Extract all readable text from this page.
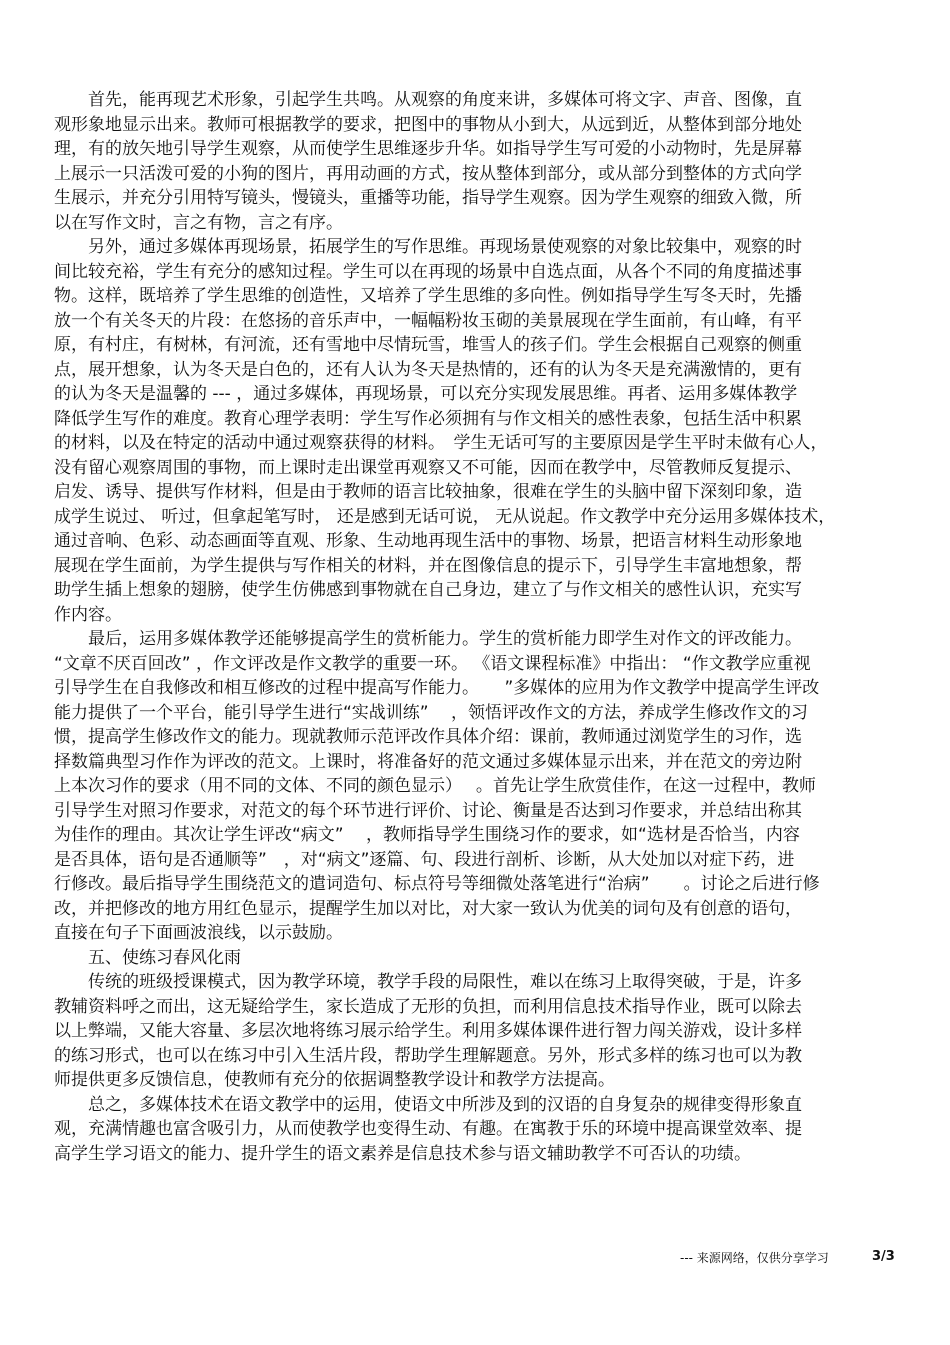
　　首先，能再现艺术形象，引起学生共鸣。从观察的角度来讲，多媒体可将文字、声音、图像，直
观形象地显示出来。教师可根据教学的要求，把图中的事物从小到大，从远到近，从整体到部分地处
理，有的放矢地引导学生观察，从而使学生思维逐步升华。如指导学生写可爱的小动物时，先是屏幕
上展示一只活泼可爱的小狗的图片，再用动画的方式，按从整体到部分，或从部分到整体的方式向学
生展示，并充分引用特写镜头，慢镜头，重播等功能，指导学生观察。因为学生观察的细致入微，所
以在写作文时，言之有物，言之有序。
　　另外，通过多媒体再现场景，拓展学生的写作思维。再现场景使观察的对象比较集中，观察的时
间比较充裕，学生有充分的感知过程。学生可以在再现的场景中自选点面，从各个不同的角度描述事
物。这样，既培养了学生思维的创造性，又培养了学生思维的多向性。例如指导学生写冬天时，先播
放一个有关冬天的片段：在悠扬的音乐声中，一幅幅粉妆玉砌的美景展现在学生面前，有山峰，有平
原，有村庄，有树林，有河流，还有雪地中尽情玩雪，堆雪人的孩子们。学生会根据自己观察的侧重
点，展开想象，认为冬天是白色的，还有人认为冬天是热情的，还有的认为冬天是充满激情的，更有
的认为冬天是温馨的 --- ，通过多媒体，再现场景，可以充分实现发展思维。再者、运用多媒体教学
降低学生写作的难度。教育心理学表明：学生写作必须拥有与作文相关的感性表象，包括生活中积累
的材料，以及在特定的活动中通过观察获得的材料。　学生无话可写的主要原因是学生平时未做有心人，
没有留心观察周围的事物，而上课时走出课堂再观察又不可能，因而在教学中，尽管教师反复提示、
启发、诱导、提供写作材料，但是由于教师的语言比较抽象，很难在学生的头脑中留下深刻印象，造
成学生说过、 听过，但拿起笔写时， 还是感到无话可说， 无从说起。作文教学中充分运用多媒体技术，
通过音响、色彩、动态画面等直观、形象、生动地再现生活中的事物、场景，把语言材料生动形象地
展现在学生面前，为学生提供与写作相关的材料，并在图像信息的提示下，引导学生丰富地想象，帮
助学生插上想象的翅膀，使学生仿佛感到事物就在自己身边，建立了与作文相关的感性认识，充实写
作内容。
　　最后，运用多媒体教学还能够提高学生的赏析能力。学生的赏析能力即学生对作文的评改能力。
“文章不厌百回改” ，作文评改是作文教学的重要一环。 《语文课程标准》中指出： “作文教学应重视
引导学生在自我修改和相互修改的过程中提高写作能力。　　”多媒体的应用为作文教学中提高学生评改
能力提供了一个平台，能引导学生进行“实战训练”　 ，领悟评改作文的方法，养成学生修改作文的习
惯，提高学生修改作文的能力。现就教师示范评改作具体介绍：课前，教师通过浏览学生的习作，选
择数篇典型习作作为评改的范文。上课时，将准备好的范文通过多媒体显示出来，并在范文的旁边附
上本次习作的要求（用不同的文体、不同的颜色显示）　 。首先让学生欣赏佳作，在这一过程中，教师
引导学生对照习作要求，对范文的每个环节进行评价、讨论、衡量是否达到习作要求，并总结出称其
为佳作的理由。其次让学生评改“病文”　 ，教师指导学生围绕习作的要求，如“选材是否恰当，内容
是否具体，语句是否通顺等”　，对“病文”逐篇、句、段进行剖析、诊断，从大处加以对症下药，进
行修改。最后指导学生围绕范文的遣词造句、标点符号等细微处落笔进行“治病”　　。讨论之后进行修
改，并把修改的地方用红色显示，提醒学生加以对比，对大家一致认为优美的词句及有创意的语句，
直接在句子下面画波浪线，以示鼓励。
　　五、使练习春风化雨
　　传统的班级授课模式，因为教学环境，教学手段的局限性，难以在练习上取得突破，于是，许多
教辅资料呼之而出，这无疑给学生，家长造成了无形的负担，而利用信息技术指导作业，既可以除去
以上弊端，又能大容量、多层次地将练习展示给学生。利用多媒体课件进行智力闯关游戏，设计多样
的练习形式，也可以在练习中引入生活片段，帮助学生理解题意。另外，形式多样的练习也可以为教
师提供更多反馈信息，使教师有充分的依据调整教学设计和教学方法提高。
　　总之，多媒体技术在语文教学中的运用，使语文中所涉及到的汉语的自身复杂的规律变得形象直
观，充满情趣也富含吸引力，从而使教学也变得生动、有趣。在寓教于乐的环境中提高课堂效率、提
高学生学习语文的能力、提升学生的语文素养是信息技术参与语文辅助教学不可否认的功绩。
--- 来源网络，仅供分享学习	3/3
